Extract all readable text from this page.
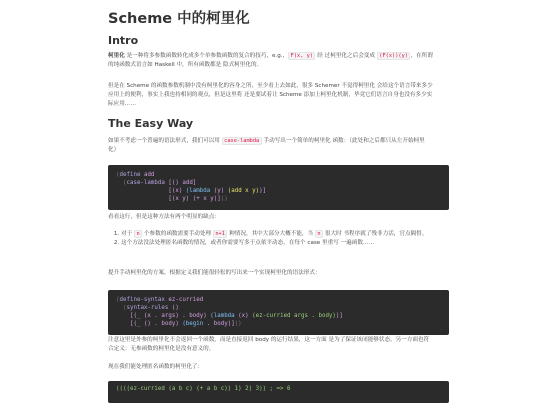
Scheme 中的柯里化
Intro

柯里化 是一种将多参数函数转化成多个单参数函数的复合的技巧，e.g.， F(x, y) 经 过柯里化之后会变成 (F(x))(y) ，在所谓的纯函数式语言如 Haskell 中，所有函数都是 隐式柯里化的。

但是在 Scheme 的函数参数机制中没有柯里化的容身之所，至少看上去如此，很多 Schemer 不觉得柯里化 会给这个语言带来多少应用上的便利，事实上我也持相同的观点，但是这里将 还是要试着让 Scheme 添加上柯里化机制，毕竟它们语言自身也没有多少实际应用……

The Easy Way

如果不考虑一个普遍的语法形式，我们可以用 case-lambda 手动写出一个简单的柯里化 函数：（此处和之后都只从左开始柯里化）

(define add
(case-lambda [() add]
[(x) (lambda (y) (add x y))]
[(x y) (+ x y)]))

看看这行，但是这种方法有两个明显的缺点：

1. 对于 n 个参数的函数需要手动处理 n+1 种情况，其中大部分大概不能，当 n 很大时 书程序就了残非力活，官点隔督。
2. 这个方法没法处理匿名函数的情况，或者你需要写多于点依平动态，在每个 case 里重写 一遍函数……

提升手动柯里化的方案，根据定义我们能很轻松的写出来一个实现柯里化的语法形式：

(define-syntax ez-curried
(syntax-rules ()
[(_ (x . args) . body) (lambda (x) (ez-curried args . body))]
[(_ () . body) (begin . body)]))

注意这里是外参的柯里化不会返回一个函数，而是直接返回 body 的运行结果，这一方面 是为了保证该闭能够状态，另一方面也符合定义：无参函数的柯里化是没有意义的。

现在我们能处理匿名函数的柯里化了：

((((ez-curried (a b c) (+ a b c)) 1) 2) 3)) ; => 6
